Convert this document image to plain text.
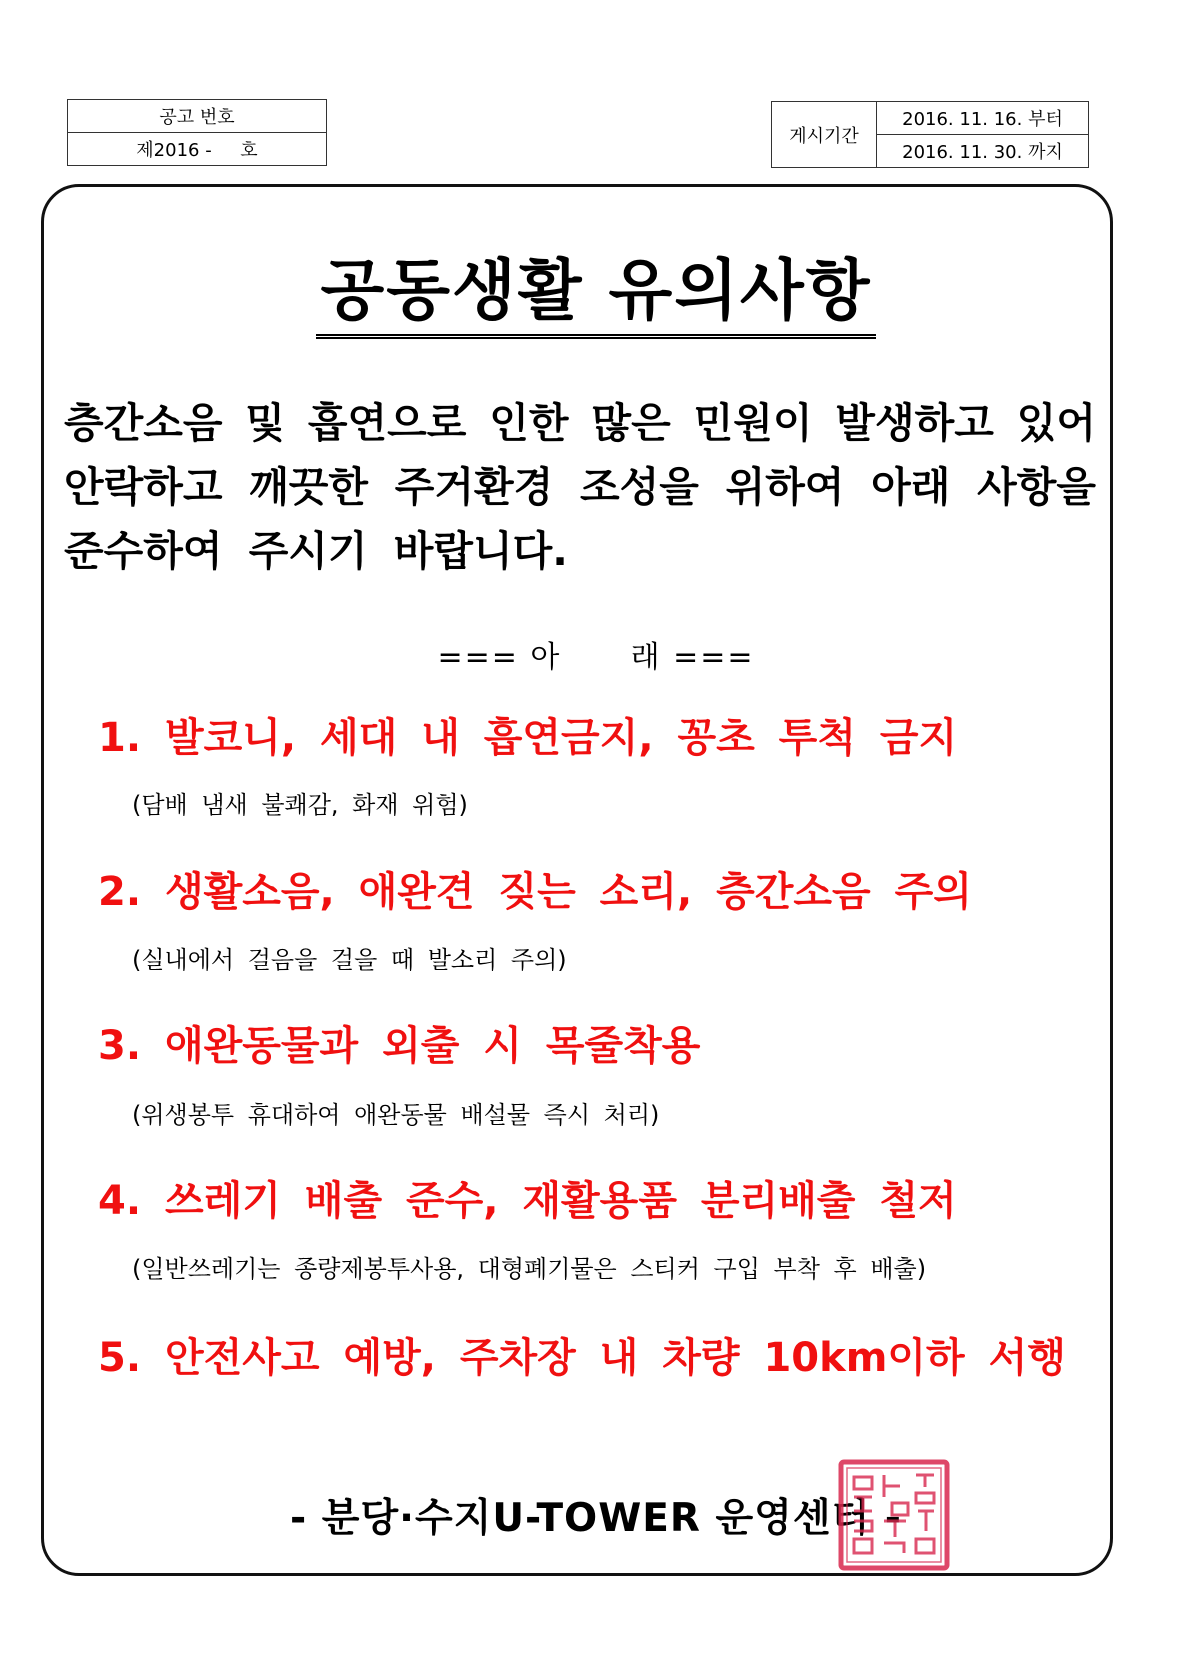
공고 번호
제2016 -     호
게시기간	2016. 11. 16. 부터
2016. 11. 30. 까지
공동생활 유의사항
층간소음 및 흡연으로 인한 많은 민원이 발생하고 있어
안락하고 깨끗한 주거환경 조성을 위하여 아래 사항을
준수하여 주시기 바랍니다.
=== 아      래 ===
1. 발코니, 세대 내 흡연금지, 꽁초 투척 금지
(담배 냄새 불쾌감, 화재 위험)
2. 생활소음, 애완견 짖는 소리, 층간소음 주의
(실내에서 걸음을 걸을 때 발소리 주의)
3. 애완동물과 외출 시 목줄착용
(위생봉투 휴대하여 애완동물 배설물 즉시 처리)
4. 쓰레기 배출 준수, 재활용품 분리배출 철저
(일반쓰레기는 종량제봉투사용, 대형폐기물은 스티커 구입 부착 후 배출)
5. 안전사고 예방, 주차장 내 차량 10km이하 서행
- 분당·수지U-TOWER 운영센터 -
